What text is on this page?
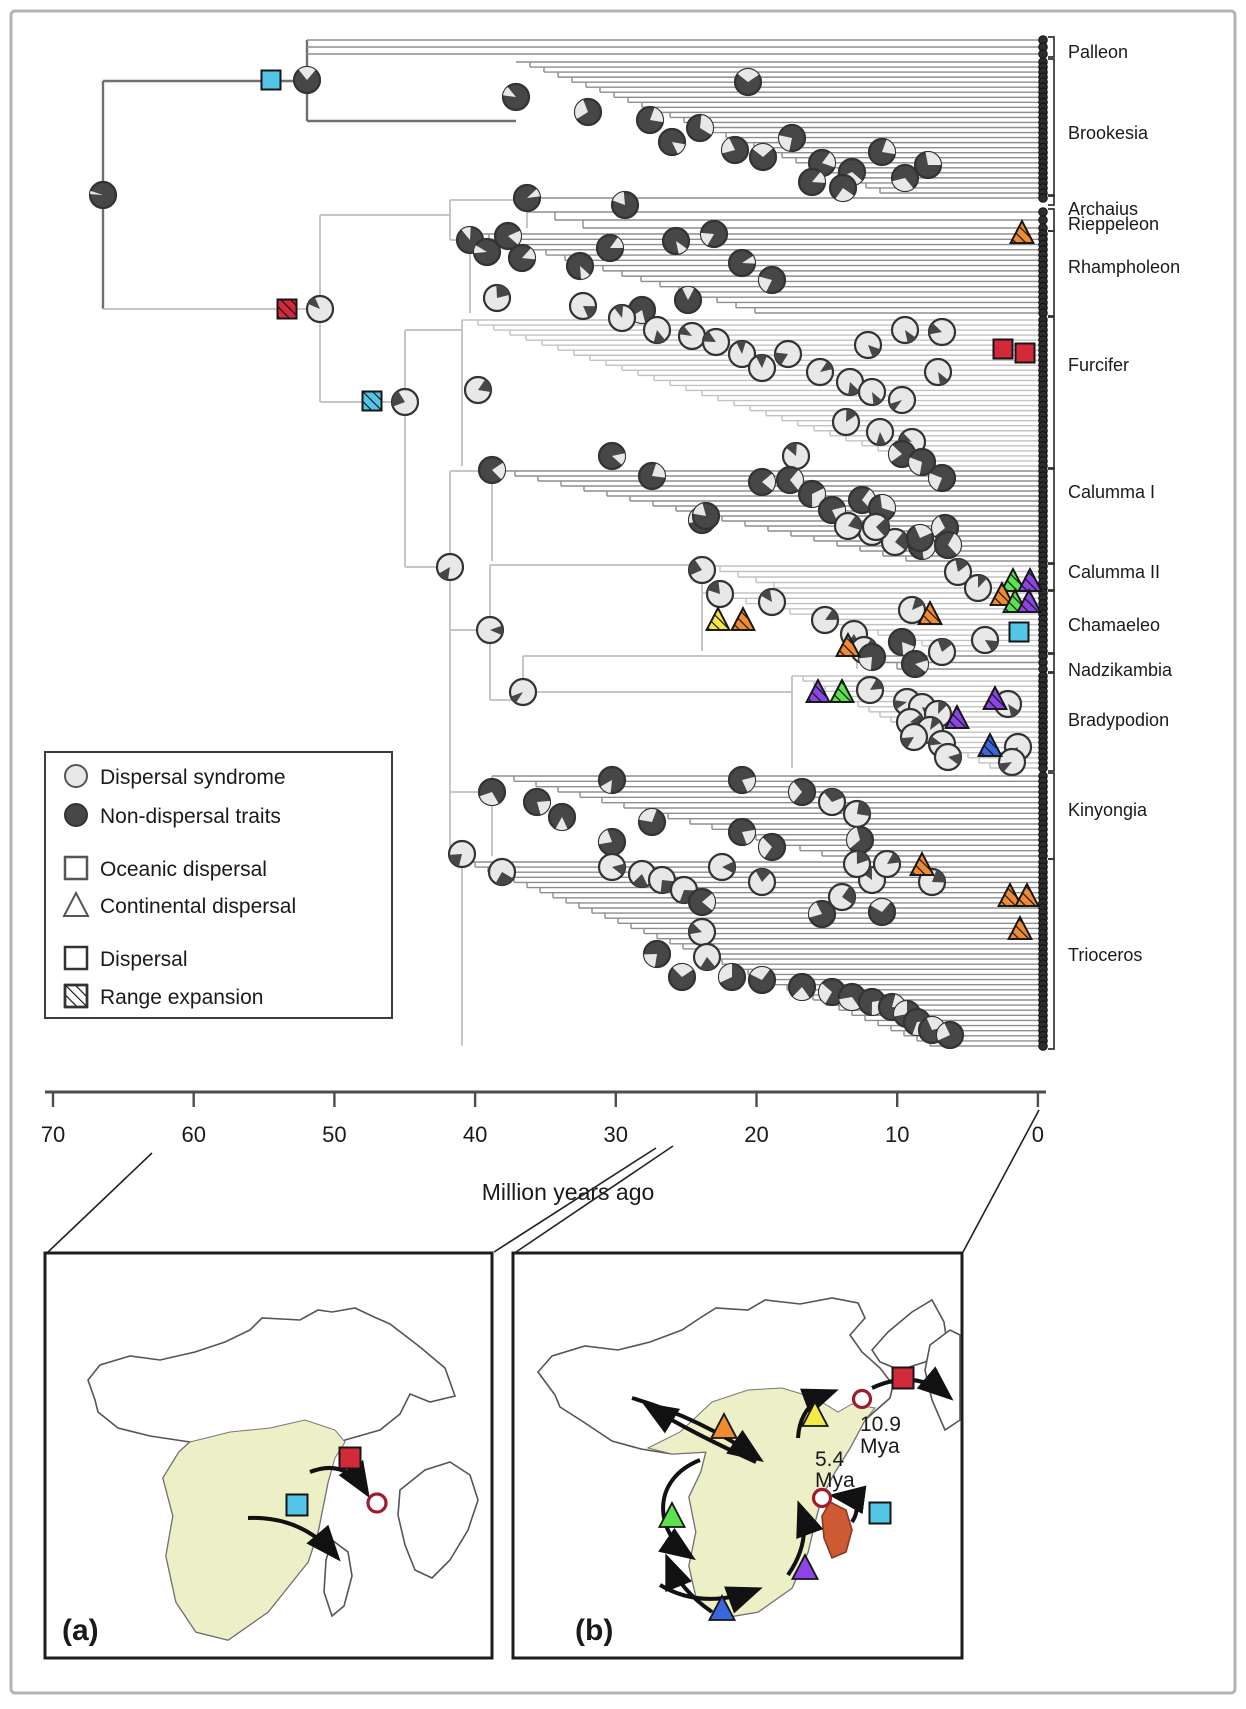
Palleon
Brookesia
Archaius
Rieppeleon
Rhampholeon
Furcifer
Calumma I
Calumma II
Chamaeleo
Nadzikambia
Bradypodion
Kinyongia
Trioceros
Dispersal syndrome
Non-dispersal traits
Oceanic dispersal
Continental dispersal
Dispersal
Range expansion
70	60	50	40	30	20	10	0
Million years ago
(a)
10.9
Mya
5.4
Mya
(b)
